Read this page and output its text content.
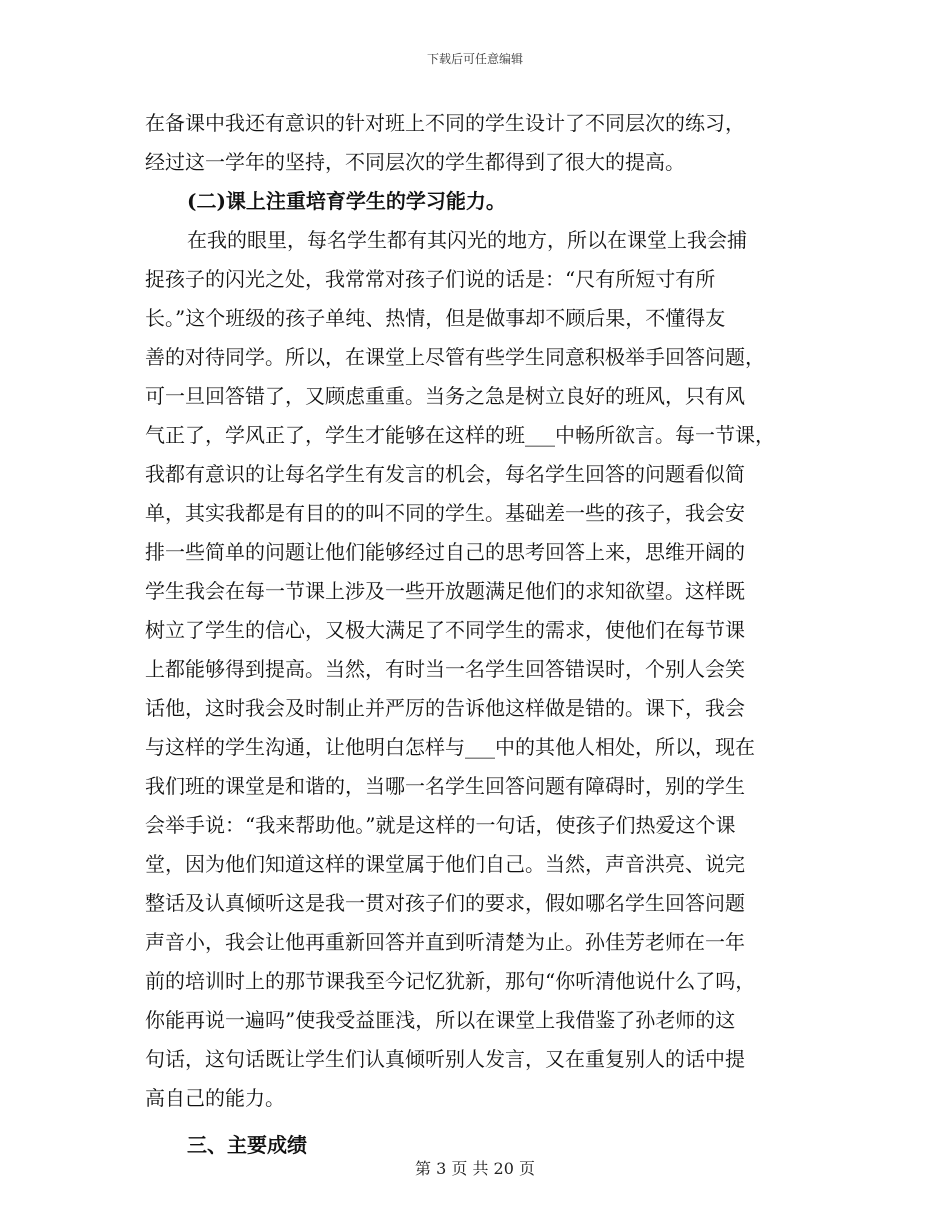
下载后可任意编辑
在备课中我还有意识的针对班上不同的学生设计了不同层次的练习，
经过这一学年的坚持，不同层次的学生都得到了很大的提高。
(二)课上注重培育学生的学习能力。
在我的眼里，每名学生都有其闪光的地方，所以在课堂上我会捕
捉孩子的闪光之处，我常常对孩子们说的话是：“尺有所短寸有所
长。”这个班级的孩子单纯、热情，但是做事却不顾后果，不懂得友
善的对待同学。所以，在课堂上尽管有些学生同意积极举手回答问题，
可一旦回答错了，又顾虑重重。当务之急是树立良好的班风，只有风
气正了，学风正了，学生才能够在这样的班___中畅所欲言。每一节课，
我都有意识的让每名学生有发言的机会，每名学生回答的问题看似简
单，其实我都是有目的的叫不同的学生。基础差一些的孩子，我会安
排一些简单的问题让他们能够经过自己的思考回答上来，思维开阔的
学生我会在每一节课上涉及一些开放题满足他们的求知欲望。这样既
树立了学生的信心，又极大满足了不同学生的需求，使他们在每节课
上都能够得到提高。当然，有时当一名学生回答错误时，个别人会笑
话他，这时我会及时制止并严厉的告诉他这样做是错的。课下，我会
与这样的学生沟通，让他明白怎样与___中的其他人相处，所以，现在
我们班的课堂是和谐的，当哪一名学生回答问题有障碍时，别的学生
会举手说：“我来帮助他。”就是这样的一句话，使孩子们热爱这个课
堂，因为他们知道这样的课堂属于他们自己。当然，声音洪亮、说完
整话及认真倾听这是我一贯对孩子们的要求，假如哪名学生回答问题
声音小，我会让他再重新回答并直到听清楚为止。孙佳芳老师在一年
前的培训时上的那节课我至今记忆犹新，那句“你听清他说什么了吗，
你能再说一遍吗”使我受益匪浅，所以在课堂上我借鉴了孙老师的这
句话，这句话既让学生们认真倾听别人发言，又在重复别人的话中提
高自己的能力。
三、主要成绩
第 3 页 共 20 页
